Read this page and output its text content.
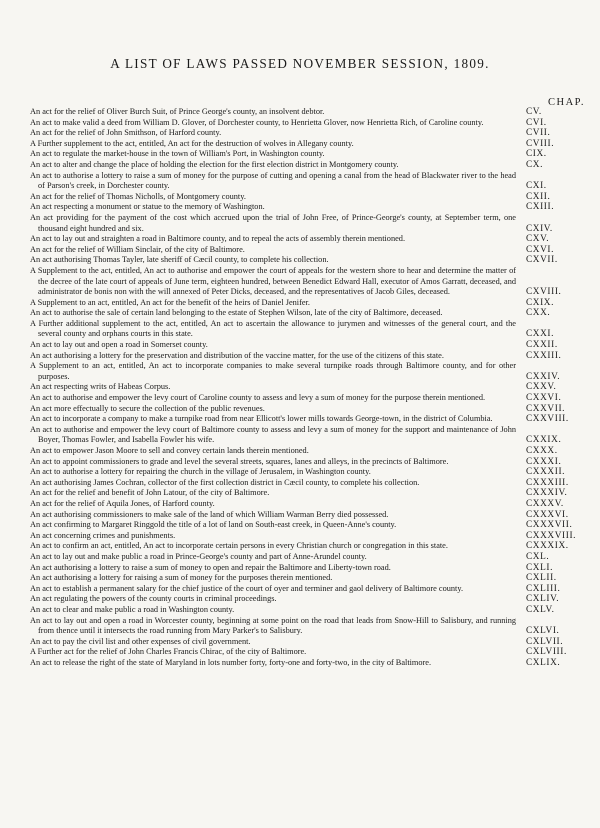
A LIST OF LAWS PASSED NOVEMBER SESSION, 1809.
CHAP.
An act for the relief of Oliver Burch Suit, of Prince George's county, an insolvent debtor.	CV.
An act to make valid a deed from William D. Glover, of Dorchester county, to Henrietta Glover, now Henrietta Rich, of Caroline county.	CVI.
An act for the relief of John Smithson, of Harford county.	CVII.
A Further supplement to the act, entitled, An act for the destruction of wolves in Allegany county.	CVIII.
An act to regulate the market-house in the town of William's Port, in Washington county.	CIX.
An act to alter and change the place of holding the election for the first election district in Montgomery county.	CX.
An act to authorise a lottery to raise a sum of money for the purpose of cutting and opening a canal from the head of Blackwater river to the head of Parson's creek, in Dorchester county.	CXI.
An act for the relief of Thomas Nicholls, of Montgomery county.	CXII.
An act respecting a monument or statue to the memory of Washington.	CXIII.
An act providing for the payment of the cost which accrued upon the trial of John Free, of Prince-George's county, at September term, one thousand eight hundred and six.	CXIV.
An act to lay out and straighten a road in Baltimore county, and to repeal the acts of assembly therein mentioned.	CXV.
An act for the relief of William Sinclair, of the city of Baltimore.	CXVI.
An act authorising Thomas Tayler, late sheriff of Cæcil county, to complete his collection.	CXVII.
A Supplement to the act, entitled, An act to authorise and empower the court of appeals for the western shore to hear and determine the matter of the decree of the late court of appeals of June term, eighteen hundred, between Benedict Edward Hall, executor of Amos Garratt, deceased, and administrator de bonis non with the will annexed of Peter Dicks, deceased, and the representatives of Jacob Giles, deceased.	CXVIII.
A Supplement to an act, entitled, An act for the benefit of the heirs of Daniel Jenifer.	CXIX.
An act to authorise the sale of certain land belonging to the estate of Stephen Wilson, late of the city of Baltimore, deceased.	CXX.
A Further additional supplement to the act, entitled, An act to ascertain the allowance to jurymen and witnesses of the general court, and the several county and orphans courts in this state.	CXXI.
An act to lay out and open a road in Somerset county.	CXXII.
An act authorising a lottery for the preservation and distribution of the vaccine matter, for the use of the citizens of this state.	CXXIII.
A Supplement to an act, entitled, An act to incorporate companies to make several turnpike roads through Baltimore county, and for other purposes.	CXXIV.
An act respecting writs of Habeas Corpus.	CXXV.
An act to authorise and empower the levy court of Caroline county to assess and levy a sum of money for the purpose therein mentioned.	CXXVI.
An act more effectually to secure the collection of the public revenues.	CXXVII.
An act to incorporate a company to make a turnpike road from near Ellicott's lower mills towards George-town, in the district of Columbia.	CXXVIII.
An act to authorise and empower the levy court of Baltimore county to assess and levy a sum of money for the support and maintenance of John Boyer, Thomas Fowler, and Isabella Fowler his wife.	CXXIX.
An act to empower Jason Moore to sell and convey certain lands therein mentioned.	CXXX.
An act to appoint commissioners to grade and level the several streets, squares, lanes and alleys, in the precincts of Baltimore.	CXXXI.
An act to authorise a lottery for repairing the church in the village of Jerusalem, in Washington county.	CXXXII.
An act authorising James Cochran, collector of the first collection district in Cæcil county, to complete his collection.	CXXXIII.
An act for the relief and benefit of John Latour, of the city of Baltimore.	CXXXIV.
An act for the relief of Aquila Jones, of Harford county.	CXXXV.
An act authorising commissioners to make sale of the land of which William Warman Berry died possessed.	CXXXVI.
An act confirming to Margaret Ringgold the title of a lot of land on South-east creek, in Queen-Anne's county.	CXXXVII.
An act concerning crimes and punishments.	CXXXVIII.
An act to confirm an act, entitled, An act to incorporate certain persons in every Christian church or congregation in this state.	CXXXIX.
An act to lay out and make public a road in Prince-George's county and part of Anne-Arundel county.	CXL.
An act authorising a lottery to raise a sum of money to open and repair the Baltimore and Liberty-town road.	CXLI.
An act authorising a lottery for raising a sum of money for the purposes therein mentioned.	CXLII.
An act to establish a permanent salary for the chief justice of the court of oyer and terminer and gaol delivery of Baltimore county.	CXLIII.
An act regulating the powers of the county courts in criminal proceedings.	CXLIV.
An act to clear and make public a road in Washington county.	CXLV.
An act to lay out and open a road in Worcester county, beginning at some point on the road that leads from Snow-Hill to Salisbury, and running from thence until it intersects the road running from Mary Parker's to Salisbury.	CXLVI.
An act to pay the civil list and other expenses of civil government.	CXLVII.
A Further act for the relief of John Charles Francis Chirac, of the city of Baltimore.	CXLVIII.
An act to release the right of the state of Maryland in lots number forty, forty-one and forty-two, in the city of Baltimore.	CXLIX.
